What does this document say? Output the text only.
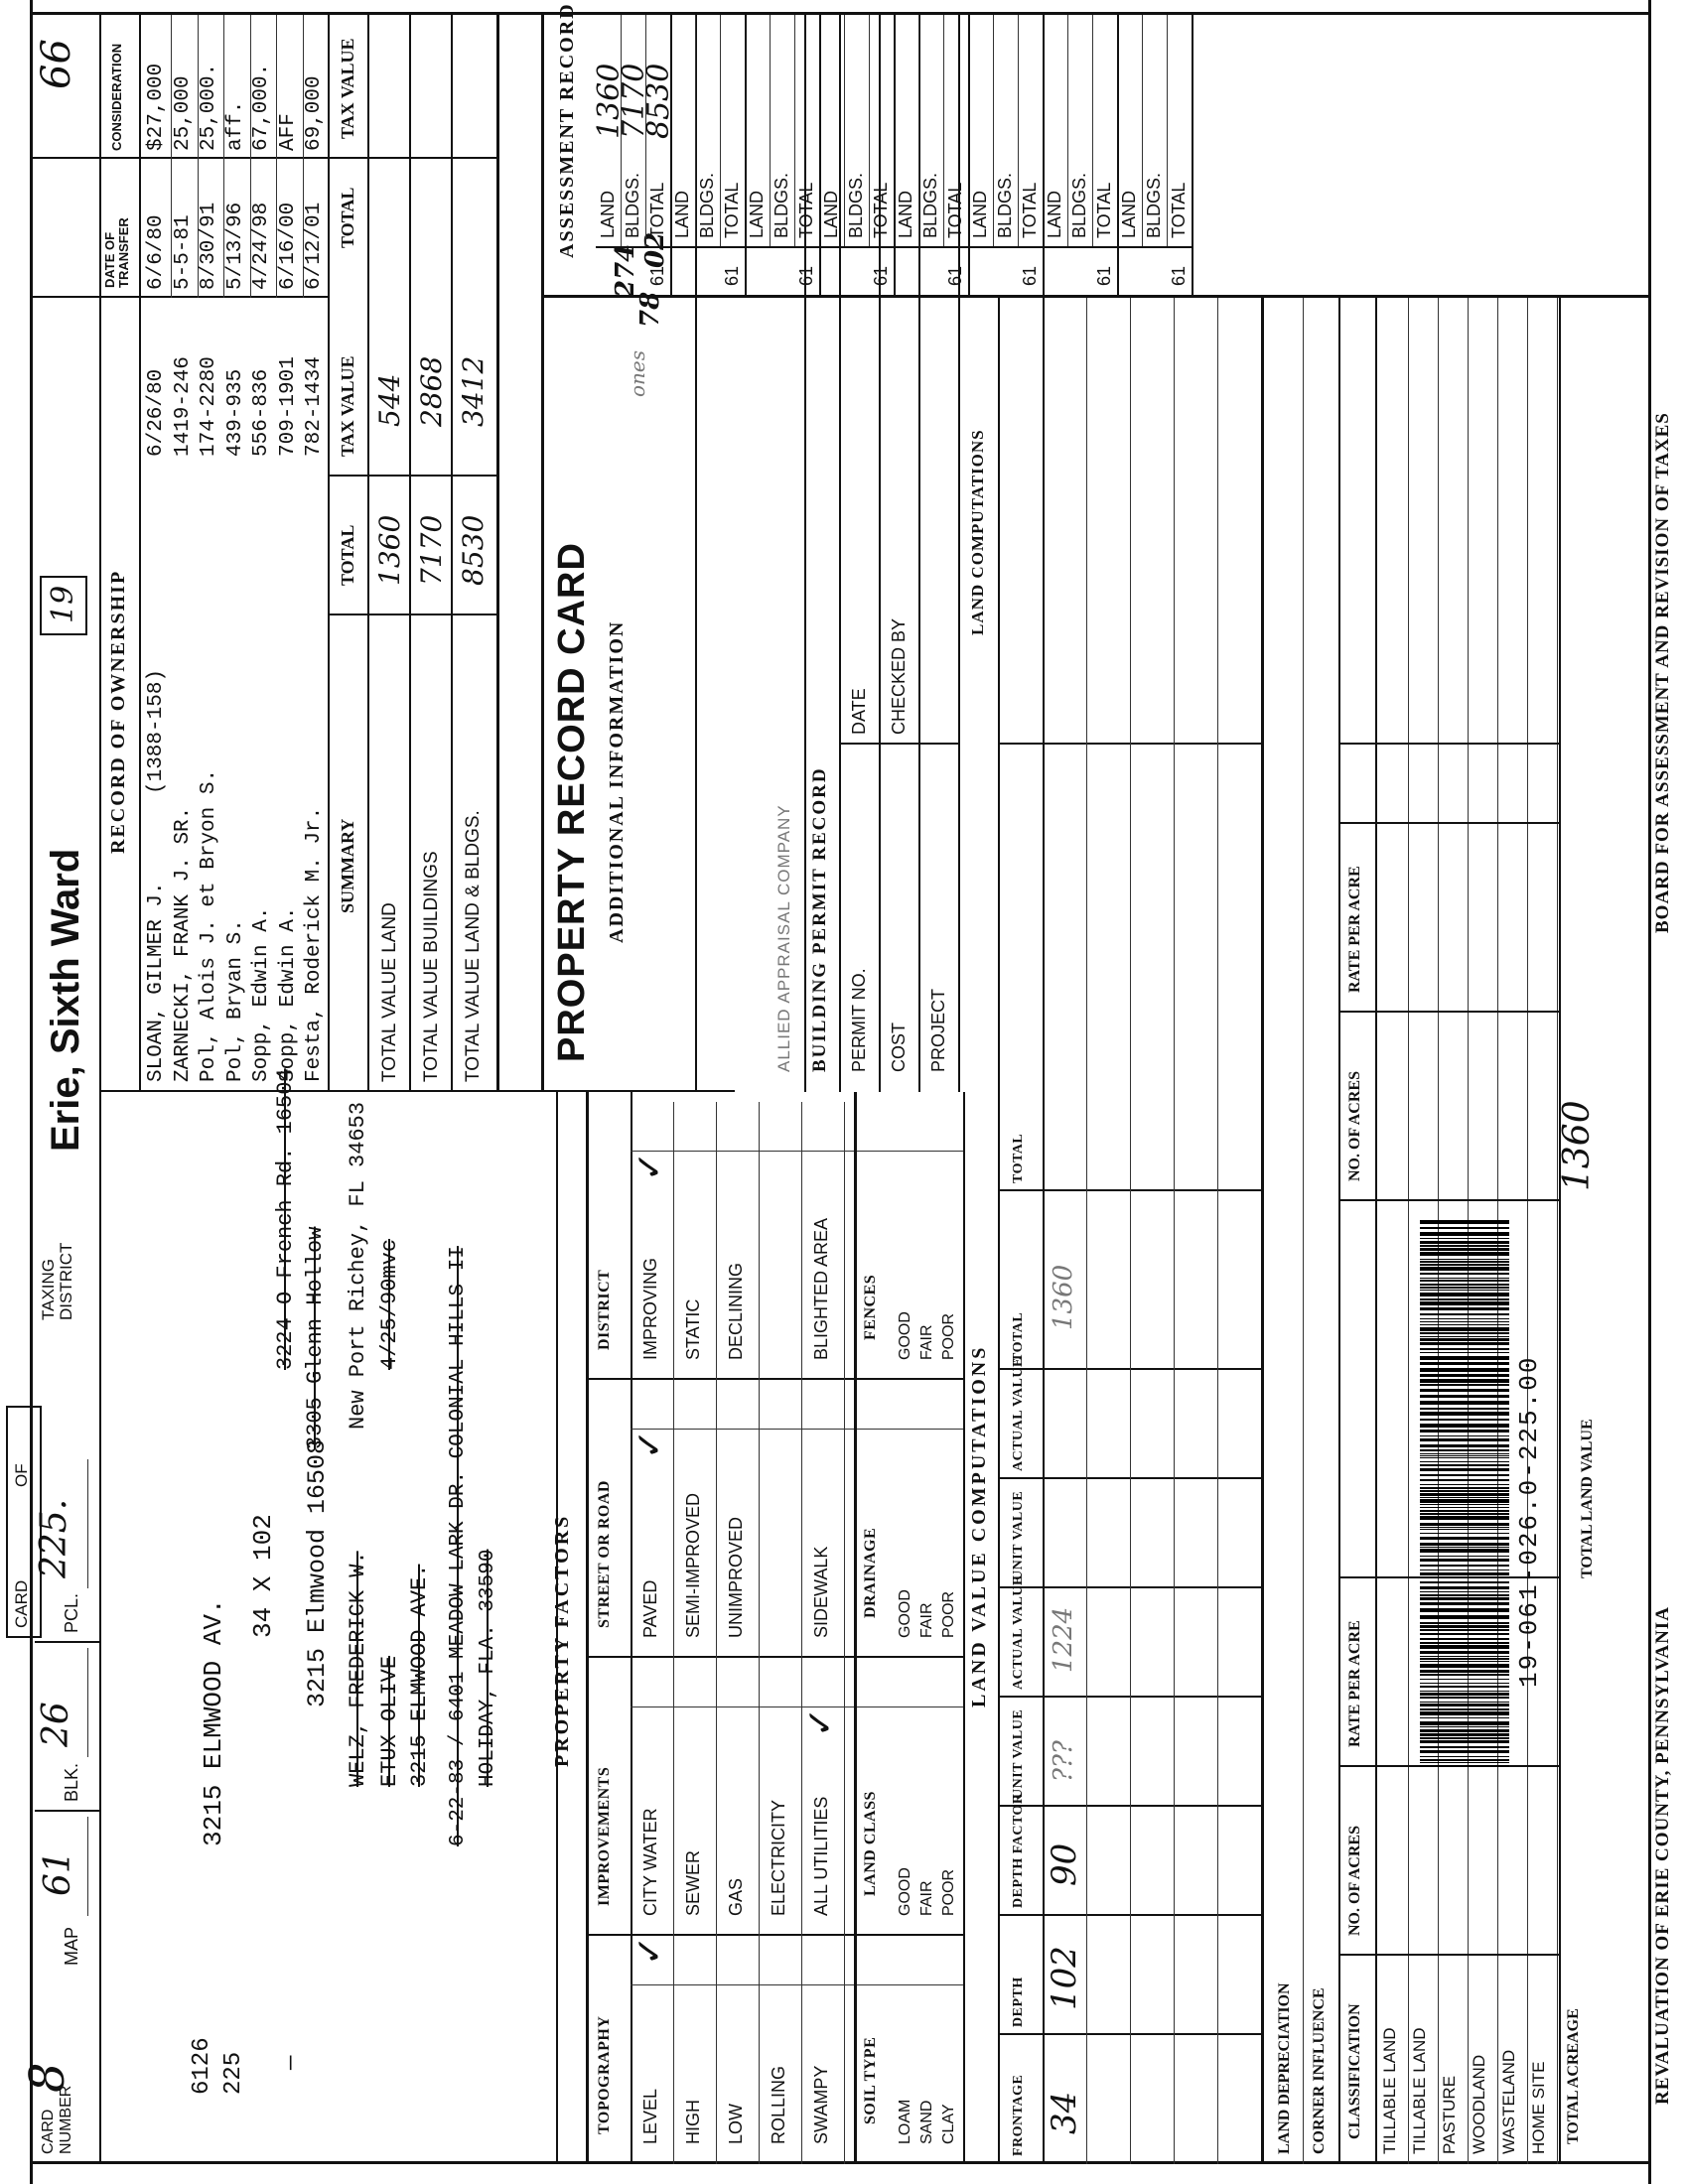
REVALUATION OF ERIE COUNTY, PENNSYLVANIA
BOARD FOR ASSESSMENT AND REVISION OF TAXES
CARD NUMBER
8
MAP
61
BLK.
26
PCL.
225.
CARD
OF
TAXING DISTRICT
Erie, Sixth Ward
19
66
6126 225 —
3215 ELMWOOD AV.
34 X 102 3215 Elmwood 16508
3305 Glenn Hollow
3224 O French Rd. 16504
WELZ, FREDERICK W.
New Port Richey, FL 34653
ETUX OLIVE
4/25/90mvc
3215 ELMWOOD AVE. 6-22-83 / 6401 MEADOW LARK DR. COLONIAL HILLS II HOLIDAY, FLA. 33590
RECORD OF OWNERSHIP
DATE OF TRANSFER
CONSIDERATION
SLOAN, GILMER J.
(1388-158)
6/26/80
6/6/80
$27,000
ZARNECKI, FRANK J. SR.
1419-246
5-5-81
25,000
Pol, Alois J. et Bryon S.
174-2280
8/30/91
25,000.
Pol, Bryan S.
439-935
5/13/96
aff.
Sopp, Edwin A.
556-836
4/24/98
67,000.
Sopp, Edwin A.
709-1901
6/16/00
AFF
Festa, Roderick M. Jr.
782-1434
6/12/01
69,000
SUMMARY
TOTAL
TAX VALUE
TOTAL
TAX VALUE
TOTAL VALUE LAND TOTAL VALUE BUILDINGS TOTAL VALUE LAND & BLDGS.
1360 7170 8530
544 2868 3412
PROPERTY RECORD CARD ADDITIONAL INFORMATION
ones
274
78
02
ALLIED APPRAISAL COMPANY BUILDING PERMIT RECORD PERMIT NO.
DATE
COST
CHECKED BY
PROJECT
LAND COMPUTATIONS
ASSESSMENT RECORD LAND BLDGS. TOTAL
61
LAND BLDGS. TOTAL
61
LAND BLDGS. TOTAL
61
LAND BLDGS. TOTAL
61
LAND BLDGS. TOTAL
61
LAND BLDGS. TOTAL
61
LAND BLDGS. TOTAL
61
LAND BLDGS. TOTAL
61
1360
7170
8530
PROPERTY FACTORS
TOPOGRAPHY LEVEL
✓
HIGH LOW ROLLING SWAMPY
IMPROVEMENTS CITY WATER SEWER GAS ELECTRICITY ALL UTILITIES
✓
STREET OR ROAD PAVED
✓
SEMI-IMPROVED UNIMPROVED	SIDEWALK
DISTRICT IMPROVING
✓
STATIC DECLINING	BLIGHTED AREA
SOIL TYPE LOAM SAND CLAY
LAND CLASS GOOD FAIR POOR
DRAINAGE GOOD FAIR POOR
FENCES GOOD FAIR POOR
LAND VALUE COMPUTATIONS
FRONTAGE
DEPTH
DEPTH FACTOR
UNIT VALUE
ACTUAL VALUE
UNIT VALUE
ACTUAL VALUE
TOTAL
TOTAL
34
102
90
???
1224
1360
LAND DEPRECIATION CORNER INFLUENCE CLASSIFICATION
NO. OF ACRES
RATE PER ACRE
NO. OF ACRES
RATE PER ACRE
TILLABLE LAND TILLABLE LAND PASTURE WOODLAND WASTELAND HOME SITE TOTAL ACREAGE
TOTAL LAND VALUE
1360
19-061-026.0-225.00
